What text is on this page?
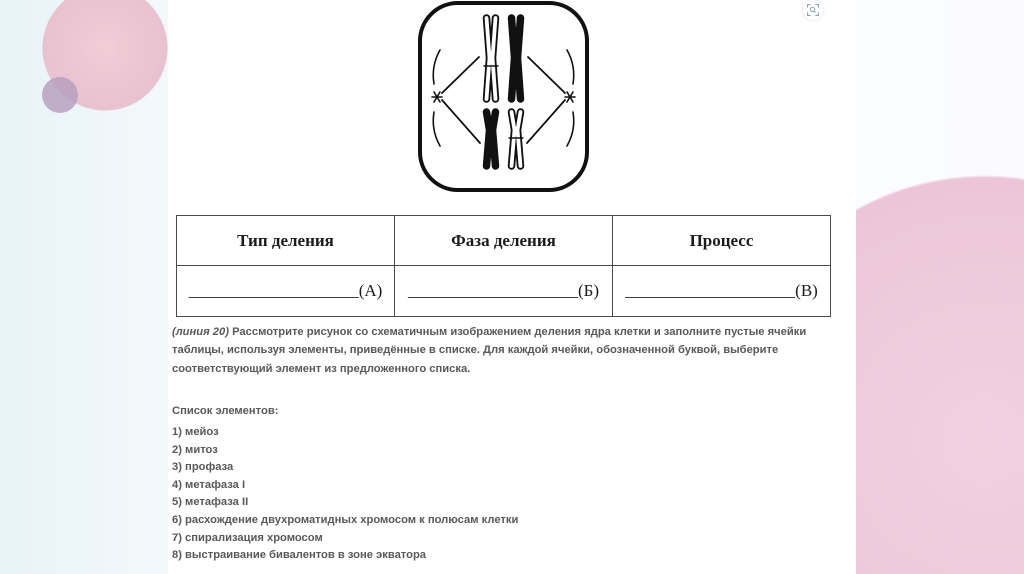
Тип деления	Фаза деления	Процесс
____________________(А)	____________________(Б)	____________________(В)
(линия 20) Рассмотрите рисунок со схематичным изображением деления ядра клетки и заполните пустые ячейки
таблицы, используя элементы, приведённые в списке. Для каждой ячейки, обозначенной буквой, выберите
соответствующий элемент из предложенного списка.
Список элементов:
1) мейоз
2) митоз
3) профаза
4) метафаза I
5) метафаза II
6) расхождение двухроматидных хромосом к полюсам клетки
7) спирализация хромосом
8) выстраивание бивалентов в зоне экватора
